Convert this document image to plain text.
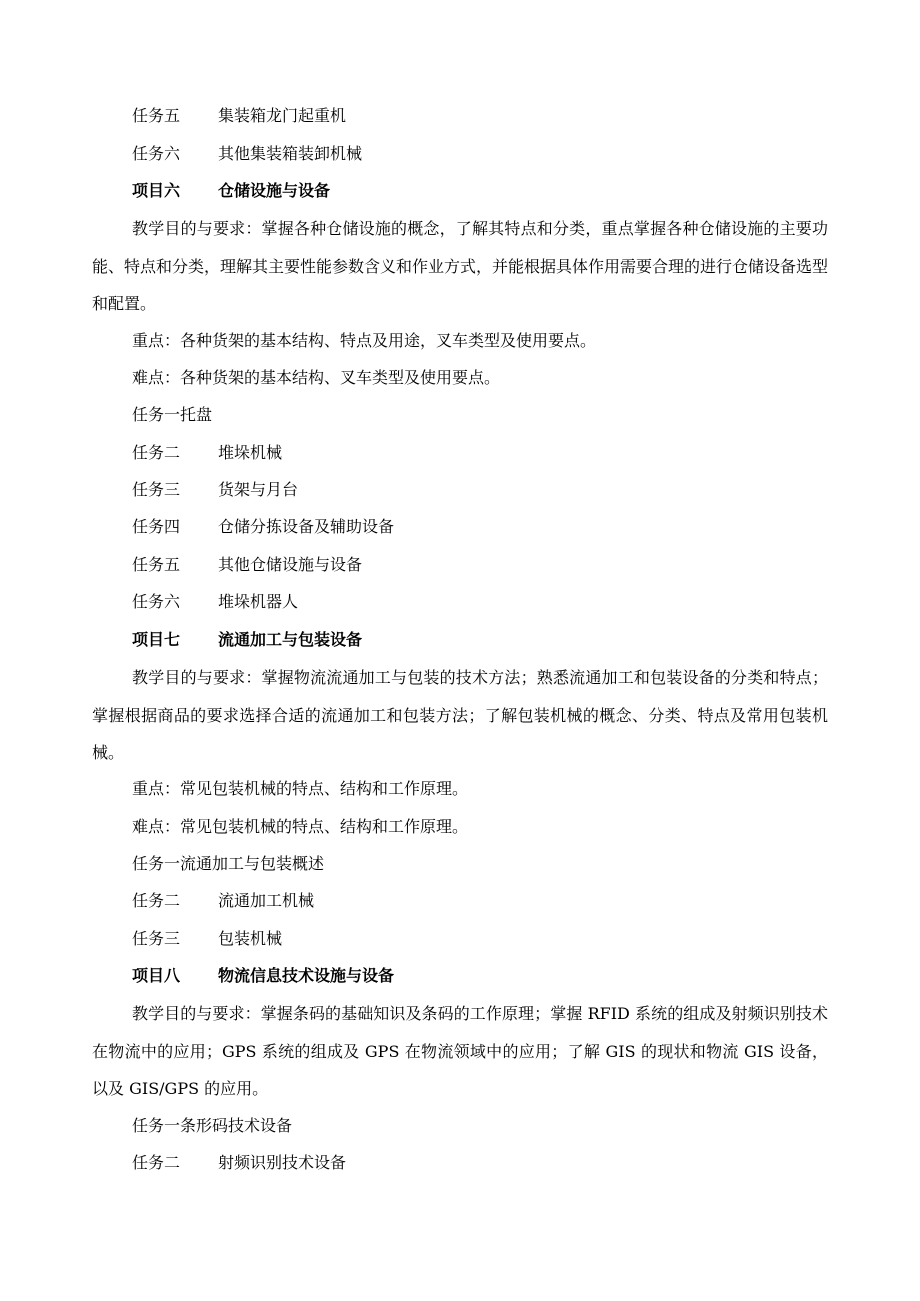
任务五 集装箱龙门起重机
任务六 其他集装箱装卸机械
项目六 仓储设施与设备
教学目的与要求：掌握各种仓储设施的概念，了解其特点和分类，重点掌握各种仓储设施的主要功能、特点和分类，理解其主要性能参数含义和作业方式，并能根据具体作用需要合理的进行仓储设备选型和配置。
重点：各种货架的基本结构、特点及用途，叉车类型及使用要点。
难点：各种货架的基本结构、叉车类型及使用要点。
任务一托盘
任务二 堆垛机械
任务三 货架与月台
任务四 仓储分拣设备及辅助设备
任务五 其他仓储设施与设备
任务六 堆垛机器人
项目七 流通加工与包装设备
教学目的与要求：掌握物流流通加工与包装的技术方法；熟悉流通加工和包装设备的分类和特点；掌握根据商品的要求选择合适的流通加工和包装方法；了解包装机械的概念、分类、特点及常用包装机械。
重点：常见包装机械的特点、结构和工作原理。
难点：常见包装机械的特点、结构和工作原理。
任务一流通加工与包装概述
任务二 流通加工机械
任务三 包装机械
项目八 物流信息技术设施与设备
教学目的与要求：掌握条码的基础知识及条码的工作原理；掌握 RFID 系统的组成及射频识别技术在物流中的应用；GPS 系统的组成及 GPS 在物流领域中的应用；了解 GIS 的现状和物流 GIS 设备，以及 GIS/GPS 的应用。
任务一条形码技术设备
任务二 射频识别技术设备
